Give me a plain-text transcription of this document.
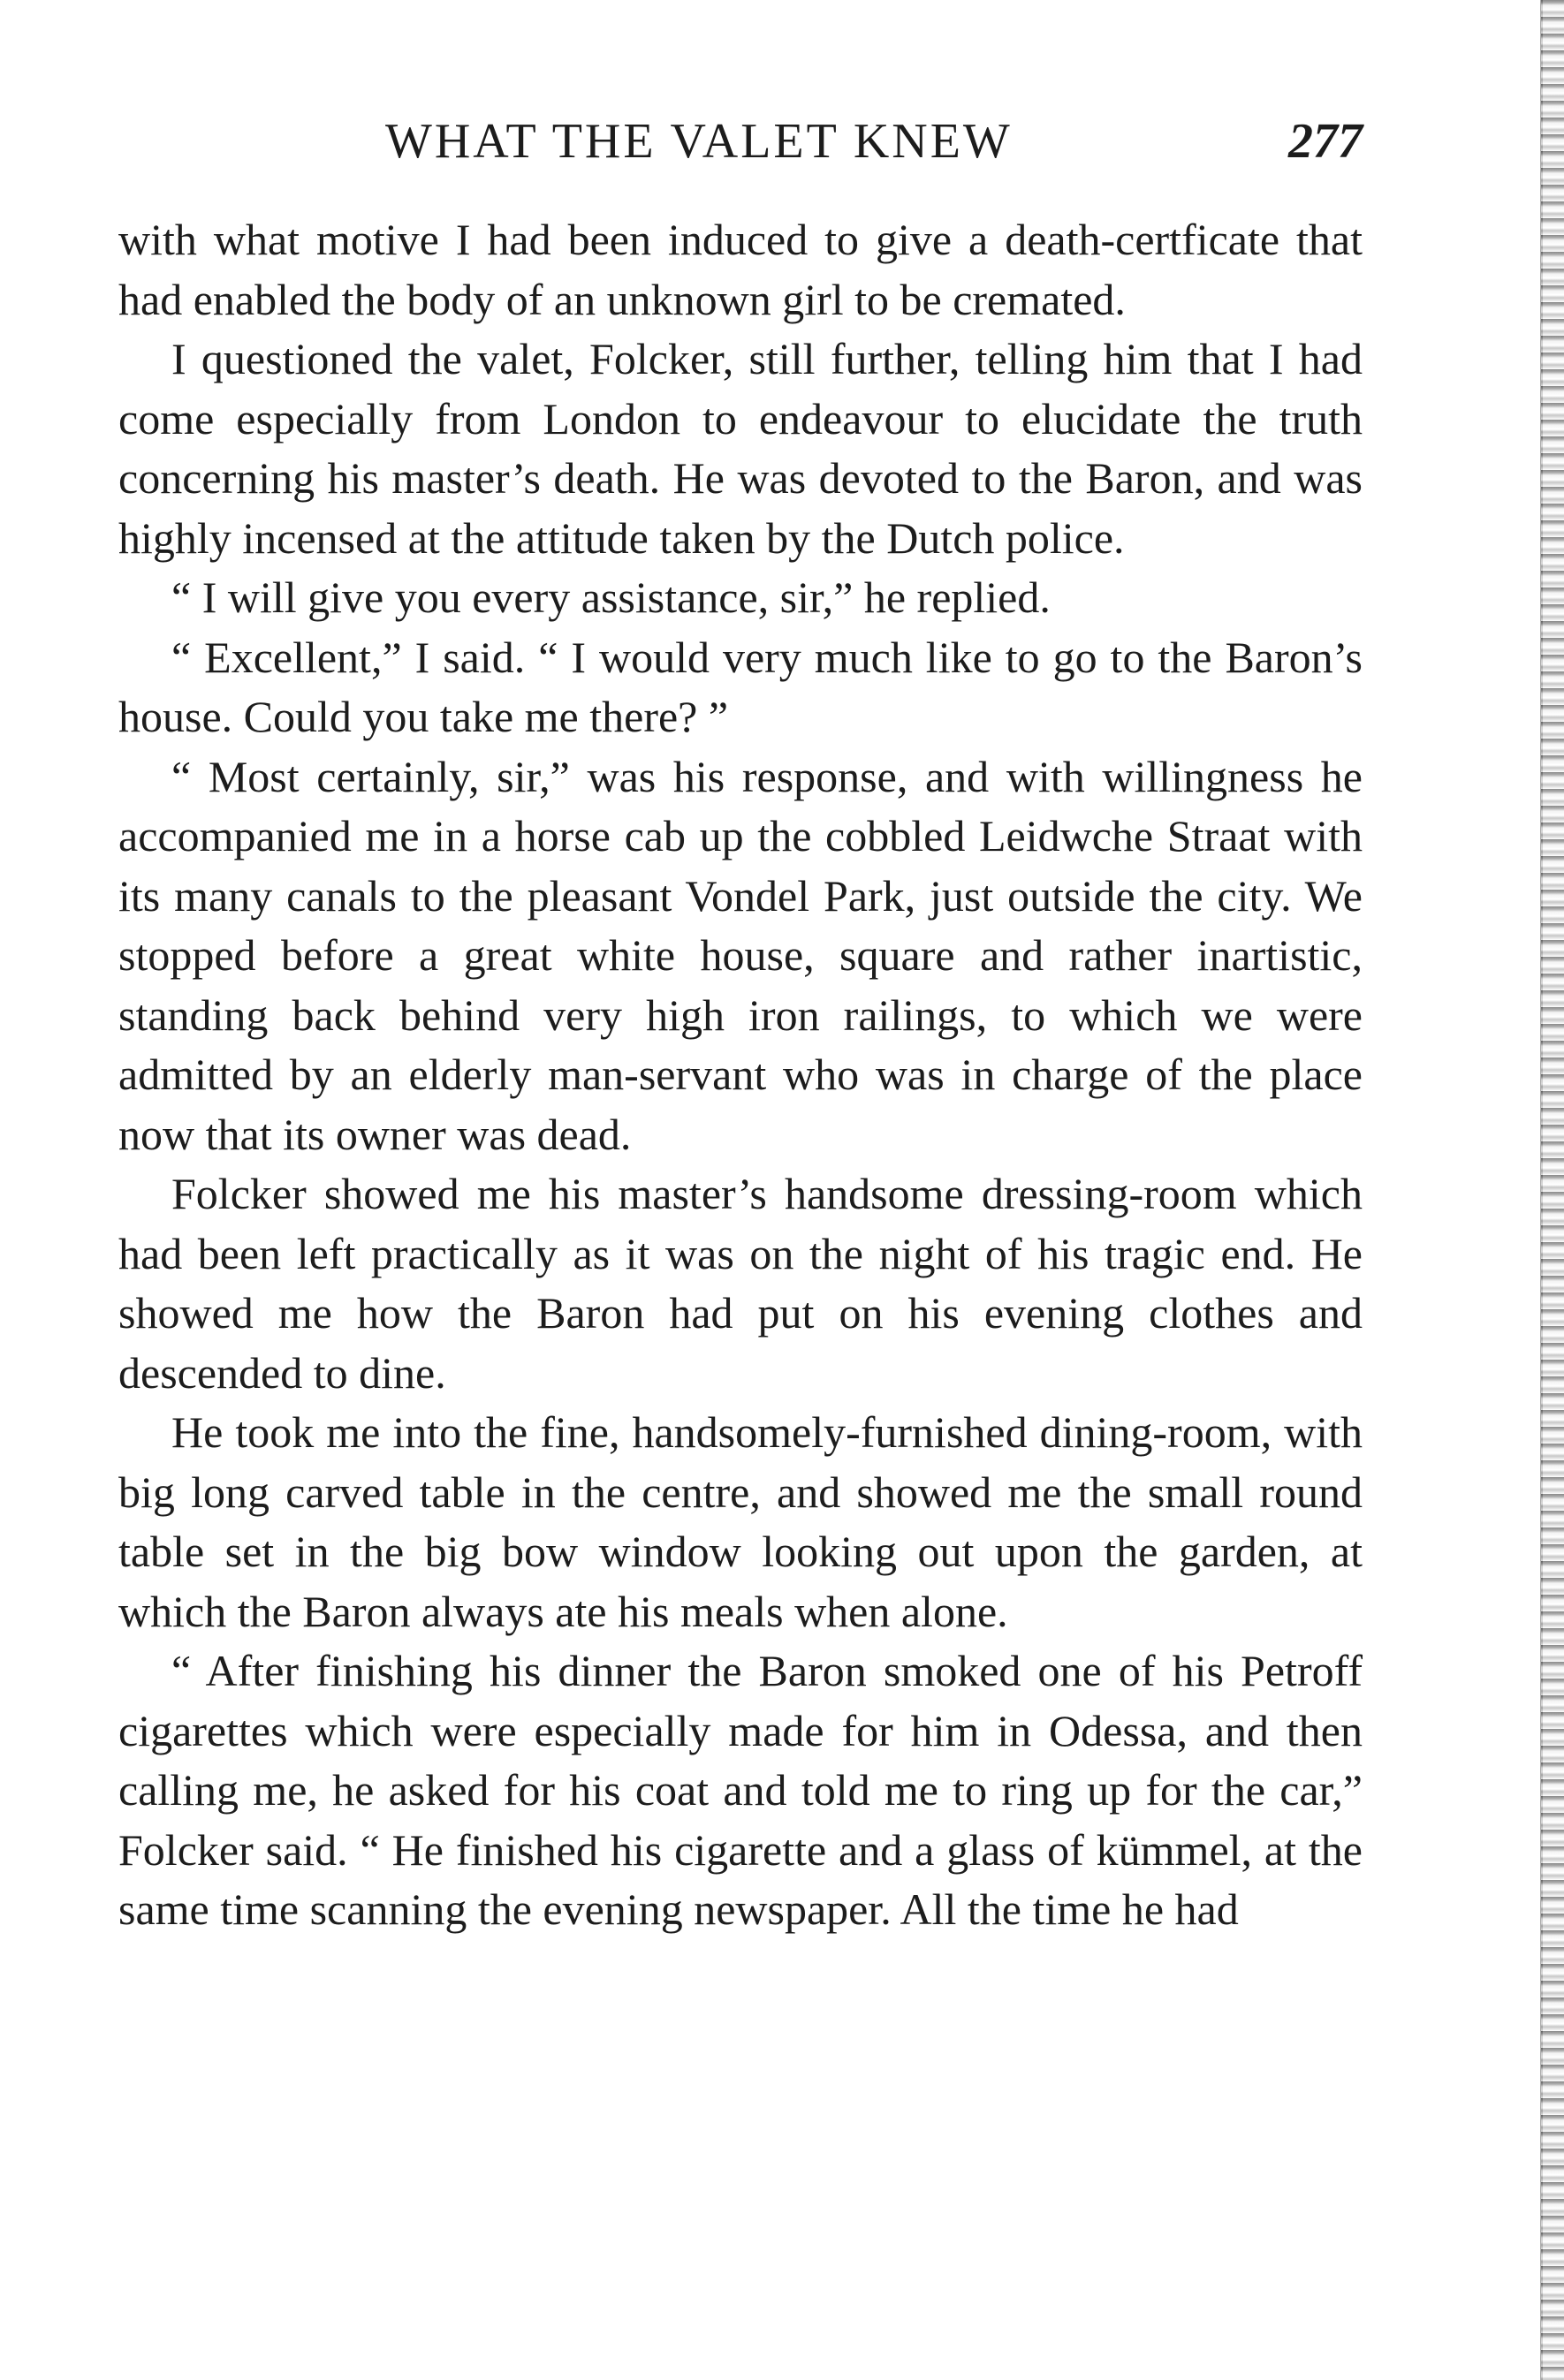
WHAT THE VALET KNEW	277

with what motive I had been induced to give a death-certficate that had enabled the body of an unknown girl to be cremated.

I questioned the valet, Folcker, still further, telling him that I had come especially from London to endeavour to elucidate the truth concerning his master’s death. He was devoted to the Baron, and was highly incensed at the attitude taken by the Dutch police.

“ I will give you every assistance, sir,” he replied.

“ Excellent,” I said. “ I would very much like to go to the Baron’s house. Could you take me there? ”

“ Most certainly, sir,” was his response, and with willingness he accompanied me in a horse cab up the cobbled Leidwche Straat with its many canals to the pleasant Vondel Park, just outside the city. We stopped before a great white house, square and rather inartistic, standing back behind very high iron railings, to which we were admitted by an elderly man-servant who was in charge of the place now that its owner was dead.

Folcker showed me his master’s handsome dressing-room which had been left practically as it was on the night of his tragic end. He showed me how the Baron had put on his evening clothes and descended to dine.

He took me into the fine, handsomely-furnished dining-room, with big long carved table in the centre, and showed me the small round table set in the big bow window looking out upon the garden, at which the Baron always ate his meals when alone.

“ After finishing his dinner the Baron smoked one of his Petroff cigarettes which were especially made for him in Odessa, and then calling me, he asked for his coat and told me to ring up for the car,” Folcker said. “ He finished his cigarette and a glass of kümmel, at the same time scanning the evening newspaper. All the time he had
